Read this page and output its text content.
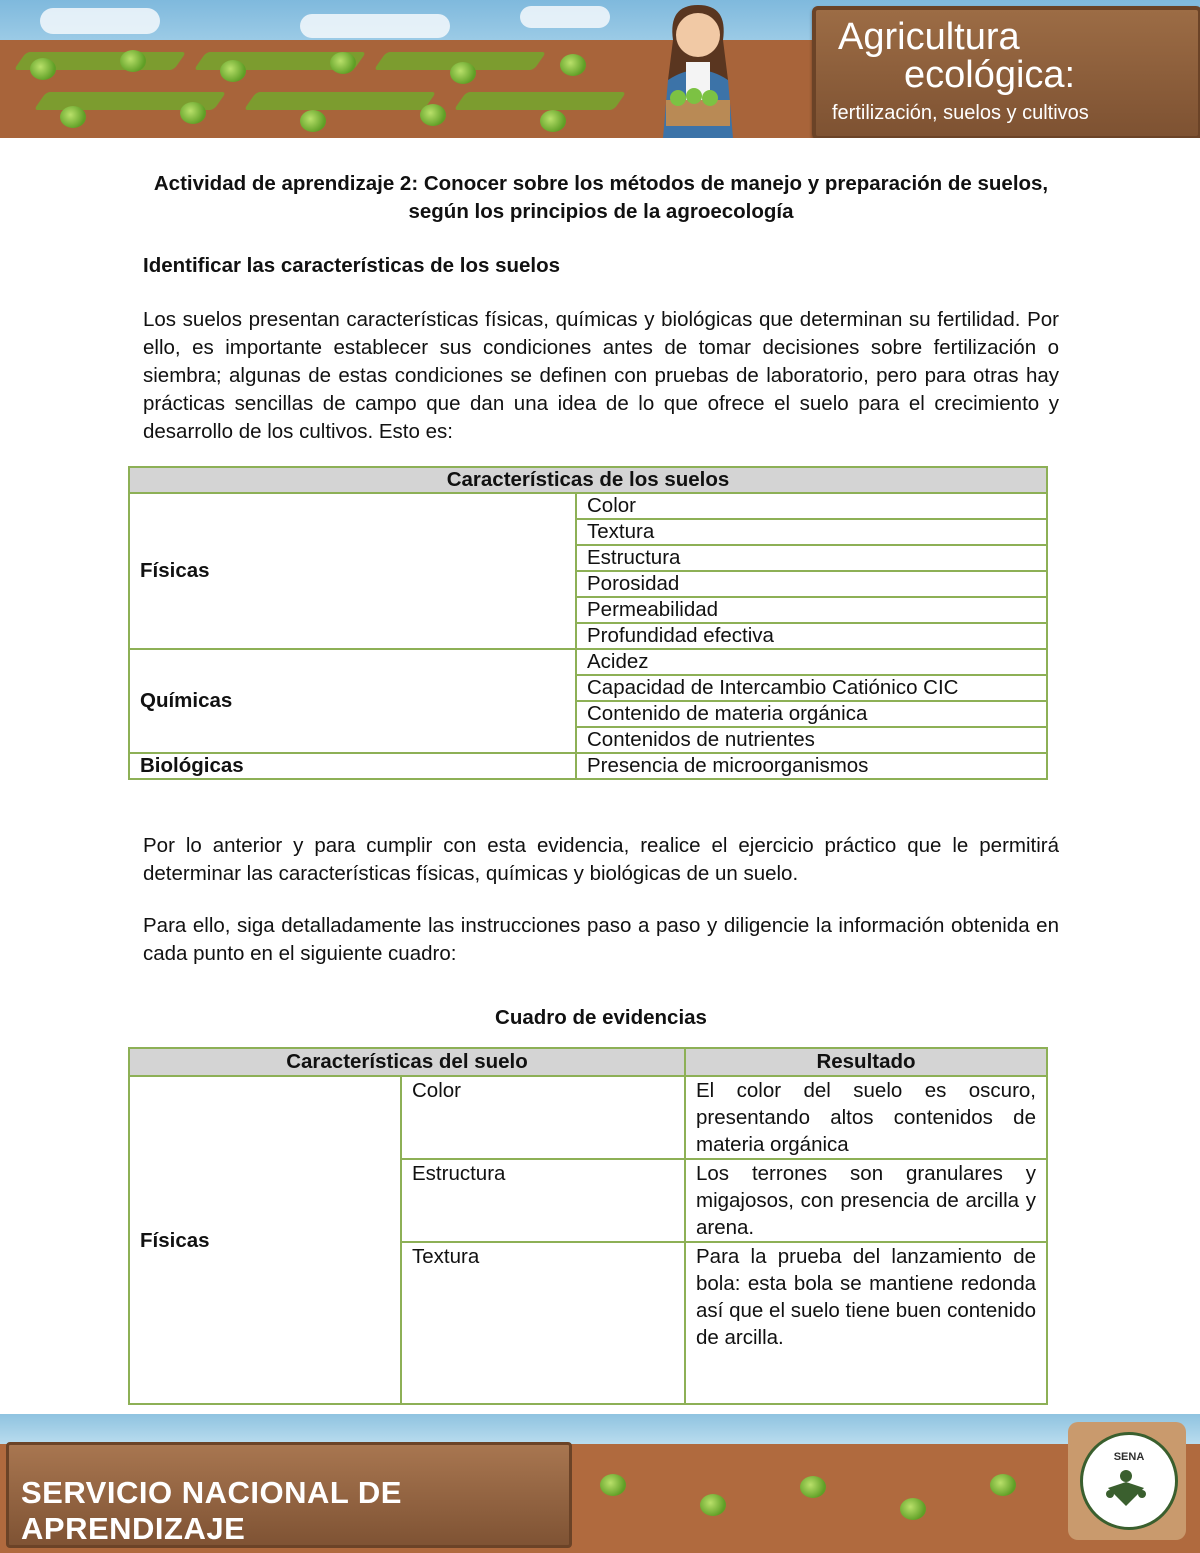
Agricultura
ecológica:
fertilización, suelos y cultivos

Actividad de aprendizaje 2: Conocer sobre los métodos de manejo y preparación de suelos, según los principios de la agroecología

Identificar las características de los suelos

Los suelos presentan características físicas, químicas y biológicas que determinan su fertilidad. Por ello, es importante establecer sus condiciones antes de tomar decisiones sobre fertilización o siembra; algunas de estas condiciones se definen con pruebas de laboratorio, pero para otras hay prácticas sencillas de campo que dan una idea de lo que ofrece el suelo para el crecimiento y desarrollo de los cultivos. Esto es:

Características de los suelos	
Físicas	Color
	Textura
	Estructura
	Porosidad
	Permeabilidad
	Profundidad efectiva
Químicas	Acidez
	Capacidad de Intercambio Catiónico CIC
	Contenido de materia orgánica
	Contenidos de nutrientes
Biológicas	Presencia de microorganismos

Por lo anterior y para cumplir con esta evidencia, realice el ejercicio práctico que le permitirá determinar las características físicas, químicas y biológicas de un suelo.

Para ello, siga detalladamente las instrucciones paso a paso y diligencie la información obtenida en cada punto en el siguiente cuadro:

Cuadro de evidencias

Características del suelo		Resultado
Físicas	Color	El color del suelo es oscuro, presentando altos contenidos de materia orgánica
	Estructura	Los terrones son granulares y migajosos, con presencia de arcilla y arena.
	Textura	Para la prueba del lanzamiento de bola: esta bola se mantiene redonda así que el suelo tiene buen contenido de arcilla.
SERVICIO NACIONAL DE APRENDIZAJE
SENA
